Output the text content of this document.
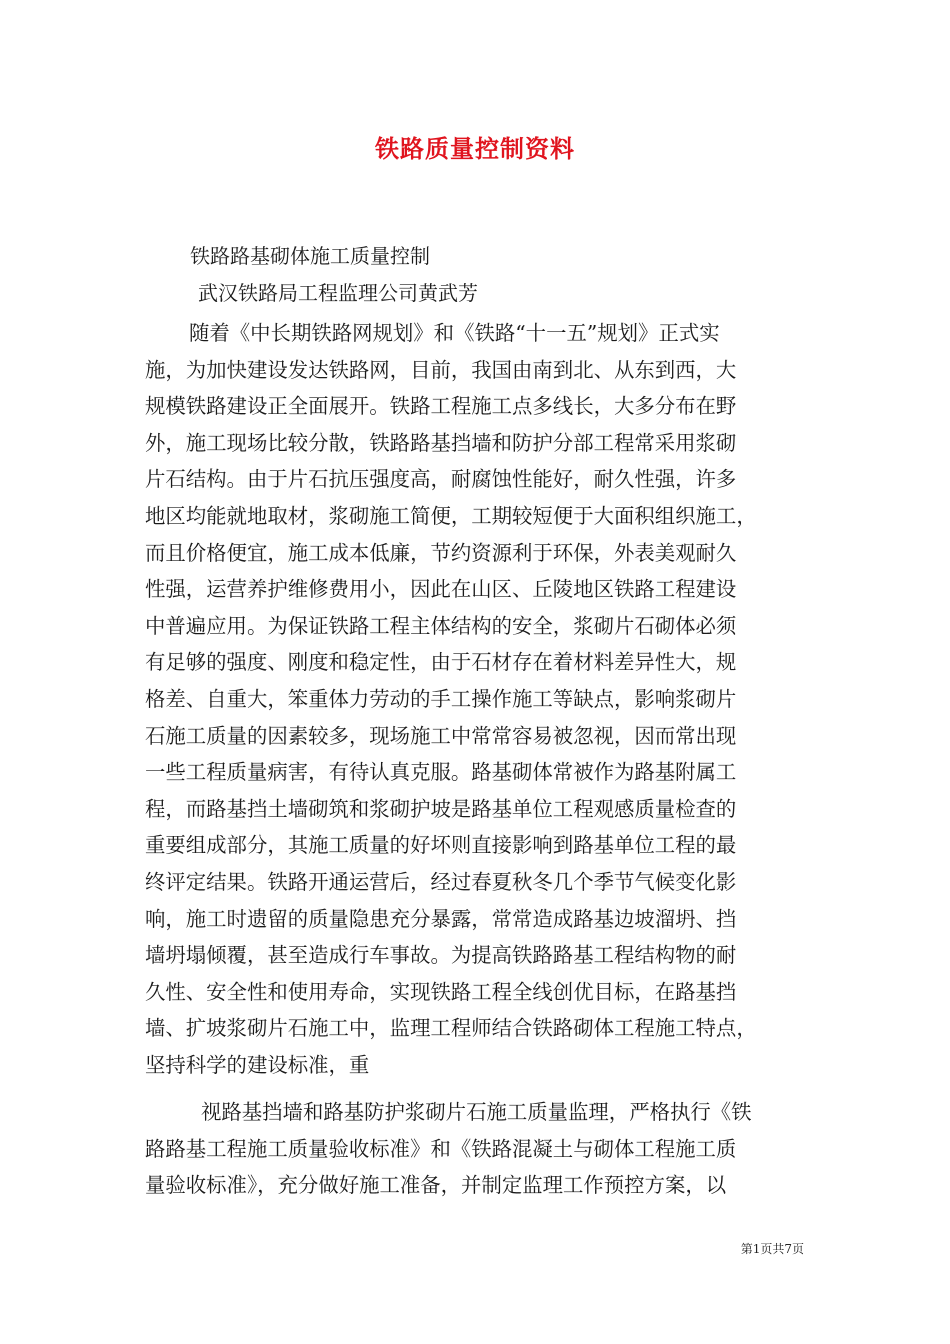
铁路质量控制资料

铁路路基砌体施工质量控制

武汉铁路局工程监理公司黄武芳

随着《中长期铁路网规划》和《铁路“十一五”规划》正式实
施，为加快建设发达铁路网，目前，我国由南到北、从东到西，大
规模铁路建设正全面展开。铁路工程施工点多线长，大多分布在野
外，施工现场比较分散，铁路路基挡墙和防护分部工程常采用浆砌
片石结构。由于片石抗压强度高，耐腐蚀性能好，耐久性强，许多
地区均能就地取材，浆砌施工简便，工期较短便于大面积组织施工，
而且价格便宜，施工成本低廉，节约资源利于环保，外表美观耐久
性强，运营养护维修费用小，因此在山区、丘陵地区铁路工程建设
中普遍应用。为保证铁路工程主体结构的安全，浆砌片石砌体必须
有足够的强度、刚度和稳定性，由于石材存在着材料差异性大，规
格差、自重大，笨重体力劳动的手工操作施工等缺点，影响浆砌片
石施工质量的因素较多，现场施工中常常容易被忽视，因而常出现
一些工程质量病害，有待认真克服。路基砌体常被作为路基附属工
程，而路基挡土墙砌筑和浆砌护坡是路基单位工程观感质量检查的
重要组成部分，其施工质量的好坏则直接影响到路基单位工程的最
终评定结果。铁路开通运营后，经过春夏秋冬几个季节气候变化影
响，施工时遗留的质量隐患充分暴露，常常造成路基边坡溜坍、挡
墙坍塌倾覆，甚至造成行车事故。为提高铁路路基工程结构物的耐
久性、安全性和使用寿命，实现铁路工程全线创优目标，在路基挡
墙、扩坡浆砌片石施工中，监理工程师结合铁路砌体工程施工特点，
坚持科学的建设标准，重
视路基挡墙和路基防护浆砌片石施工质量监理，严格执行《铁
路路基工程施工质量验收标准》和《铁路混凝土与砌体工程施工质
量验收标准》，充分做好施工准备，并制定监理工作预控方案，以

第1页共7页
